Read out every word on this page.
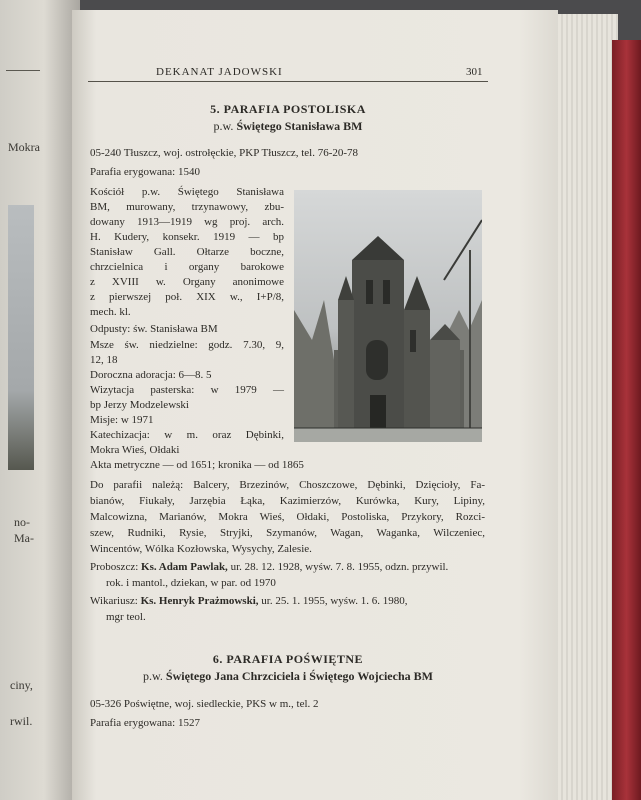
Mokra
no-
Ma-
ciny,
rwil.
DEKANAT JADOWSKI	301
5. PARAFIA POSTOLISKA
p.w. Świętego Stanisława BM
05-240 Tłuszcz, woj. ostrołęckie, PKP Tłuszcz, tel. 76-20-78
Parafia erygowana: 1540
Kościół p.w. Świętego Stanisława
BM, murowany, trzynawowy, zbu-
dowany 1913—1919 wg proj. arch.
H. Kudery, konsekr. 1919 — bp
Stanisław Gall. Ołtarze boczne,
chrzcielnica i organy barokowe
z XVIII w. Organy anonimowe
z pierwszej poł. XIX w., I+P/8,
mech. kl.
Odpusty: św. Stanisława BM
Msze św. niedzielne: godz. 7.30, 9,
12, 18
Doroczna adoracja: 6—8. 5
Wizytacja pasterska: w 1979 —
bp Jerzy Modzelewski
Misje: w 1971
Katechizacja: w m. oraz Dębinki,
Mokra Wieś, Ołdaki
Akta metryczne — od 1651; kronika — od 1865
Do parafii należą: Balcery, Brzezinów, Choszczowe, Dębinki, Dzięcioły, Fa-
bianów, Fiukały, Jarzębia Łąka, Kazimierzów, Kurówka, Kury, Lipiny,
Malcowizna, Marianów, Mokra Wieś, Ołdaki, Postoliska, Przykory, Rozci-
szew, Rudniki, Rysie, Stryjki, Szymanów, Wagan, Waganka, Wilczeniec,
Wincentów, Wólka Kozłowska, Wysychy, Zalesie.
Proboszcz: Ks. Adam Pawlak, ur. 28. 12. 1928, wyśw. 7. 8. 1955, odzn. przywil.
rok. i mantol., dziekan, w par. od 1970
Wikariusz: Ks. Henryk Prażmowski, ur. 25. 1. 1955, wyśw. 1. 6. 1980,
mgr teol.
6. PARAFIA POŚWIĘTNE
p.w. Świętego Jana Chrzciciela i Świętego Wojciecha BM
05-326 Poświętne, woj. siedleckie, PKS w m., tel. 2
Parafia erygowana: 1527
